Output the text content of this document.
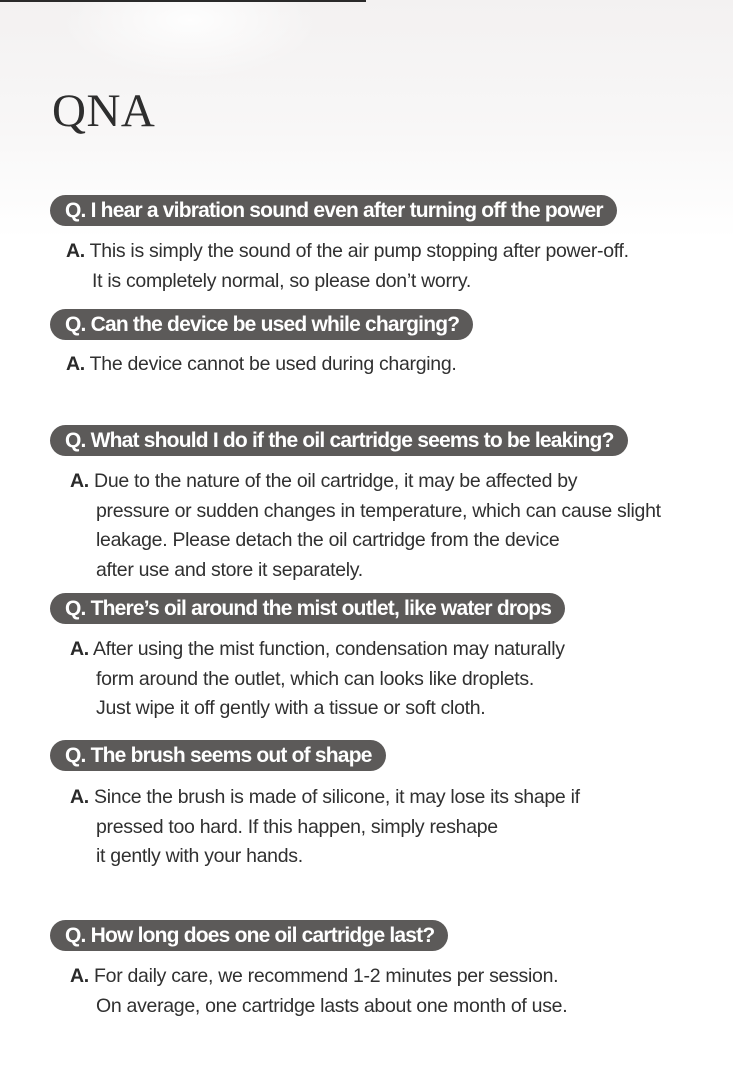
QNA
Q. I hear a vibration sound even after turning off the power
A. This is simply the sound of the air pump stopping after power-off.
It is completely normal, so please don’t worry.
Q. Can the device be used while charging?
A. The device cannot be used during charging.
Q. What should I do if the oil cartridge seems to be leaking?
A. Due to the nature of the oil cartridge, it may be affected by
pressure or sudden changes in temperature, which can cause slight
leakage. Please detach the oil cartridge from the device
after use and store it separately.
Q. There’s oil around the mist outlet, like water drops
A. After using the mist function, condensation may naturally
form around the outlet, which can looks like droplets.
Just wipe it off gently with a tissue or soft cloth.
Q. The brush seems out of shape
A. Since the brush is made of silicone, it may lose its shape if
pressed too hard. If this happen, simply reshape
it gently with your hands.
Q. How long does one oil cartridge last?
A. For daily care, we recommend 1-2 minutes per session.
On average, one cartridge lasts about one month of use.
